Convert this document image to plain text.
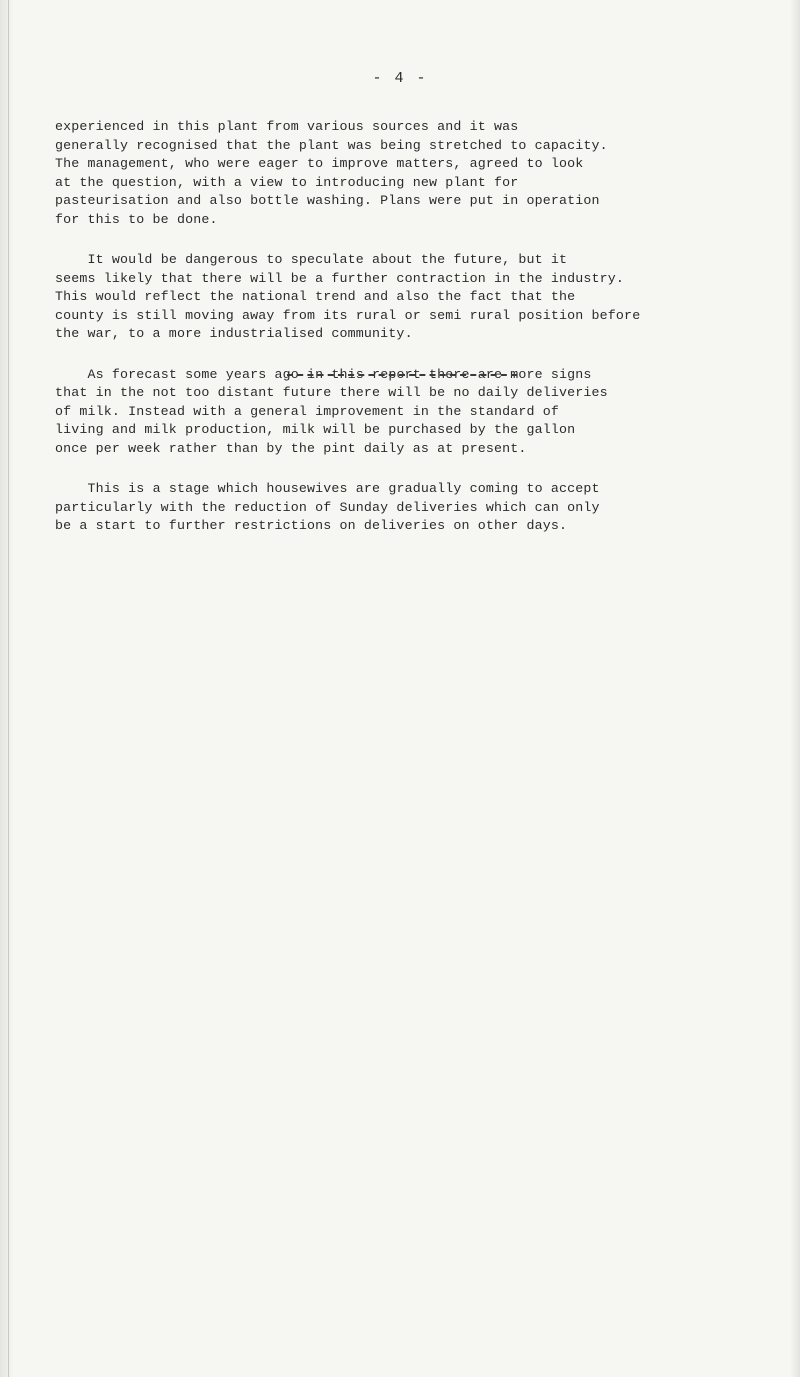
- 4 -

experienced in this plant from various sources and it was
generally recognised that the plant was being stretched to capacity.
The management, who were eager to improve matters, agreed to look
at the question, with a view to introducing new plant for
pasteurisation and also bottle washing. Plans were put in operation
for this to be done.

It would be dangerous to speculate about the future, but it
seems likely that there will be a further contraction in the industry.
This would reflect the national trend and also the fact that the
county is still moving away from its rural or semi rural position before
the war, to a more industrialised community.

As forecast some years ago in this report there are more signs
that in the not too distant future there will be no daily deliveries
of milk. Instead with a general improvement in the standard of
living and milk production, milk will be purchased by the gallon
once per week rather than by the pint daily as at present.

This is a stage which housewives are gradually coming to accept
particularly with the reduction of Sunday deliveries which can only
be a start to further restrictions on deliveries on other days.
